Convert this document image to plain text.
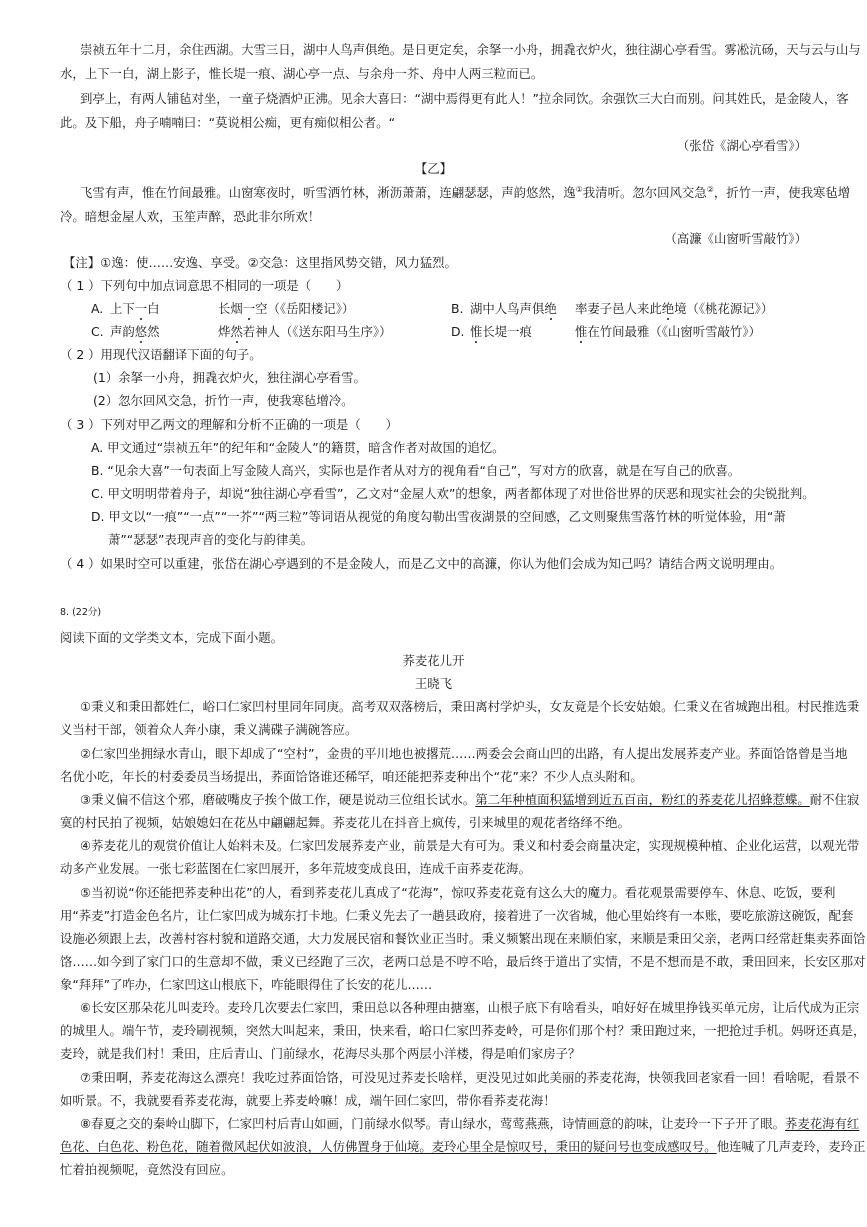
崇祯五年十二月，余住西湖。大雪三日，湖中人鸟声俱绝。是日更定矣，余拏一小舟，拥毳衣炉火，独往湖心亭看雪。雾凇沆砀，天与云与山与
水，上下一白，湖上影子，惟长堤一痕、湖心亭一点、与余舟一芥、舟中人两三粒而已。
到亭上，有两人铺毡对坐，一童子烧酒炉正沸。见余大喜曰：“湖中焉得更有此人！”拉余同饮。余强饮三大白而别。问其姓氏，是金陵人，客
此。及下船，舟子喃喃曰：“莫说相公痴，更有痴似相公者。“
（张岱《湖心亭看雪》）
【乙】
飞雪有声，惟在竹间最雅。山窗寒夜时，听雪洒竹林，淅沥萧萧，连翩瑟瑟，声韵悠然，逸①我清听。忽尔回风交急②，折竹一声，使我寒毡增
冷。暗想金屋人欢，玉笙声醉，恐此非尔所欢！
（高濂《山窗听雪敲竹》）
【注】①逸：使……安逸、享受。②交急：这里指风势交错，风力猛烈。
（ 1 ）下列句中加点词意思不相同的一项是（　　）
A. 上下一白	长烟一空（《岳阳楼记》）	B. 湖中人鸟声俱绝 率妻子邑人来此绝境（《桃花源记》）
C. 声韵悠然	烨然若神人（《送东阳马生序》）	D. 惟长堤一痕	惟在竹间最雅（《山窗听雪敲竹》）
（ 2 ）用现代汉语翻译下面的句子。
(1）余拏一小舟，拥毳衣炉火，独往湖心亭看雪。
(2）忽尔回风交急，折竹一声，使我寒毡增冷。
（ 3 ）下列对甲乙两文的理解和分析不正确的一项是（　　）
A. 甲文通过“崇祯五年”的纪年和“金陵人”的籍贯，暗含作者对故国的追忆。
B. “见余大喜”一句表面上写金陵人高兴，实际也是作者从对方的视角看“自己”，写对方的欣喜，就是在写自己的欣喜。
C. 甲文明明带着舟子，却说“独往湖心亭看雪”，乙文对“金屋人欢”的想象，两者都体现了对世俗世界的厌恶和现实社会的尖锐批判。
D. 甲文以“一痕”“一点”“一芥”“两三粒”等词语从视觉的角度勾勒出雪夜湖景的空间感，乙文则聚焦雪落竹林的听觉体验，用“萧
萧”“瑟瑟”表现声音的变化与韵律美。
（ 4 ）如果时空可以重建，张岱在湖心亭遇到的不是金陵人，而是乙文中的高濂，你认为他们会成为知己吗？请结合两文说明理由。
8. (22分)
阅读下面的文学类文本，完成下面小题。
荞麦花儿开
王晓飞
①秉义和秉田都姓仁，峪口仁家凹村里同年同庚。高考双双落榜后，秉田离村学炉头，女友竟是个长安姑娘。仁秉义在省城跑出租。村民推选秉
义当村干部，领着众人奔小康，秉义满碟子满碗答应。
②仁家凹坐拥绿水青山，眼下却成了“空村”，金贵的平川地也被撂荒……两委会会商山凹的出路，有人提出发展荞麦产业。荞面饸饹曾是当地
名优小吃，年长的村委委员当场提出，荞面饸饹谁还稀罕，咱还能把荞麦种出个“花”来？不少人点头附和。
③秉义偏不信这个邪，磨破嘴皮子挨个做工作，硬是说动三位组长试水。第二年种植面积猛增到近五百亩，粉红的荞麦花儿招蜂惹蝶。耐不住寂
寞的村民拍了视频，姑娘媳妇在花丛中翩翩起舞。荞麦花儿在抖音上疯传，引来城里的观花者络绎不绝。
④荞麦花儿的观赏价值让人始料未及。仁家凹发展荞麦产业，前景是大有可为。秉义和村委会商量决定，实现规模种植、企业化运营，以观光带
动多产业发展。一张七彩蓝图在仁家凹展开，多年荒坡变成良田，连成千亩荞麦花海。
⑤当初说“你还能把荞麦种出花”的人，看到荞麦花儿真成了“花海”，惊叹荞麦花竟有这么大的魔力。看花观景需要停车、休息、吃饭，要利
用“荞麦”打造金色名片，让仁家凹成为城东打卡地。仁秉义先去了一趟县政府，接着进了一次省城，他心里始终有一本账，要吃旅游这碗饭，配套
设施必须跟上去，改善村容村貌和道路交通，大力发展民宿和餐饮业正当时。秉义频繁出现在来顺伯家，来顺是秉田父亲，老两口经常赶集卖荞面饸
饹……如今到了家门口的生意却不做，秉义已经跑了三次，老两口总是不哼不哈，最后终于道出了实情，不是不想而是不敢，秉田回来，长安区那对
象“拜拜”了咋办，仁家凹这山根底下，咋能眼得住了长安的花儿……
⑥长安区那朵花儿叫麦玲。麦玲几次要去仁家凹，秉田总以各种理由搪塞，山根子底下有啥看头，咱好好在城里挣钱买单元房，让后代成为正宗
的城里人。端午节，麦玲刷视频，突然大叫起来，秉田，快来看，峪口仁家凹荞麦岭，可是你们那个村？秉田跑过来，一把抢过手机。妈呀还真是，
麦玲，就是我们村！秉田，庄后青山、门前绿水，花海尽头那个两层小洋楼，得是咱们家房子？
⑦秉田啊，荞麦花海这么漂亮！我吃过荞面饸饹，可没见过荞麦长啥样，更没见过如此美丽的荞麦花海，快领我回老家看一回！看啥呢，看景不
如听景。不，我就要看荞麦花海，就要上荞麦岭嘛！成，端午回仁家凹，带你看荞麦花海！
⑧春夏之交的秦岭山脚下，仁家凹村后青山如画，门前绿水似琴。青山绿水，莺莺燕燕，诗情画意的韵味，让麦玲一下子开了眼。荞麦花海有红
色花、白色花、粉色花，随着微风起伏如波浪，人仿佛置身于仙境。麦玲心里全是惊叹号，秉田的疑问号也变成感叹号。他连喊了几声麦玲，麦玲正
忙着拍视频呢，竟然没有回应。
